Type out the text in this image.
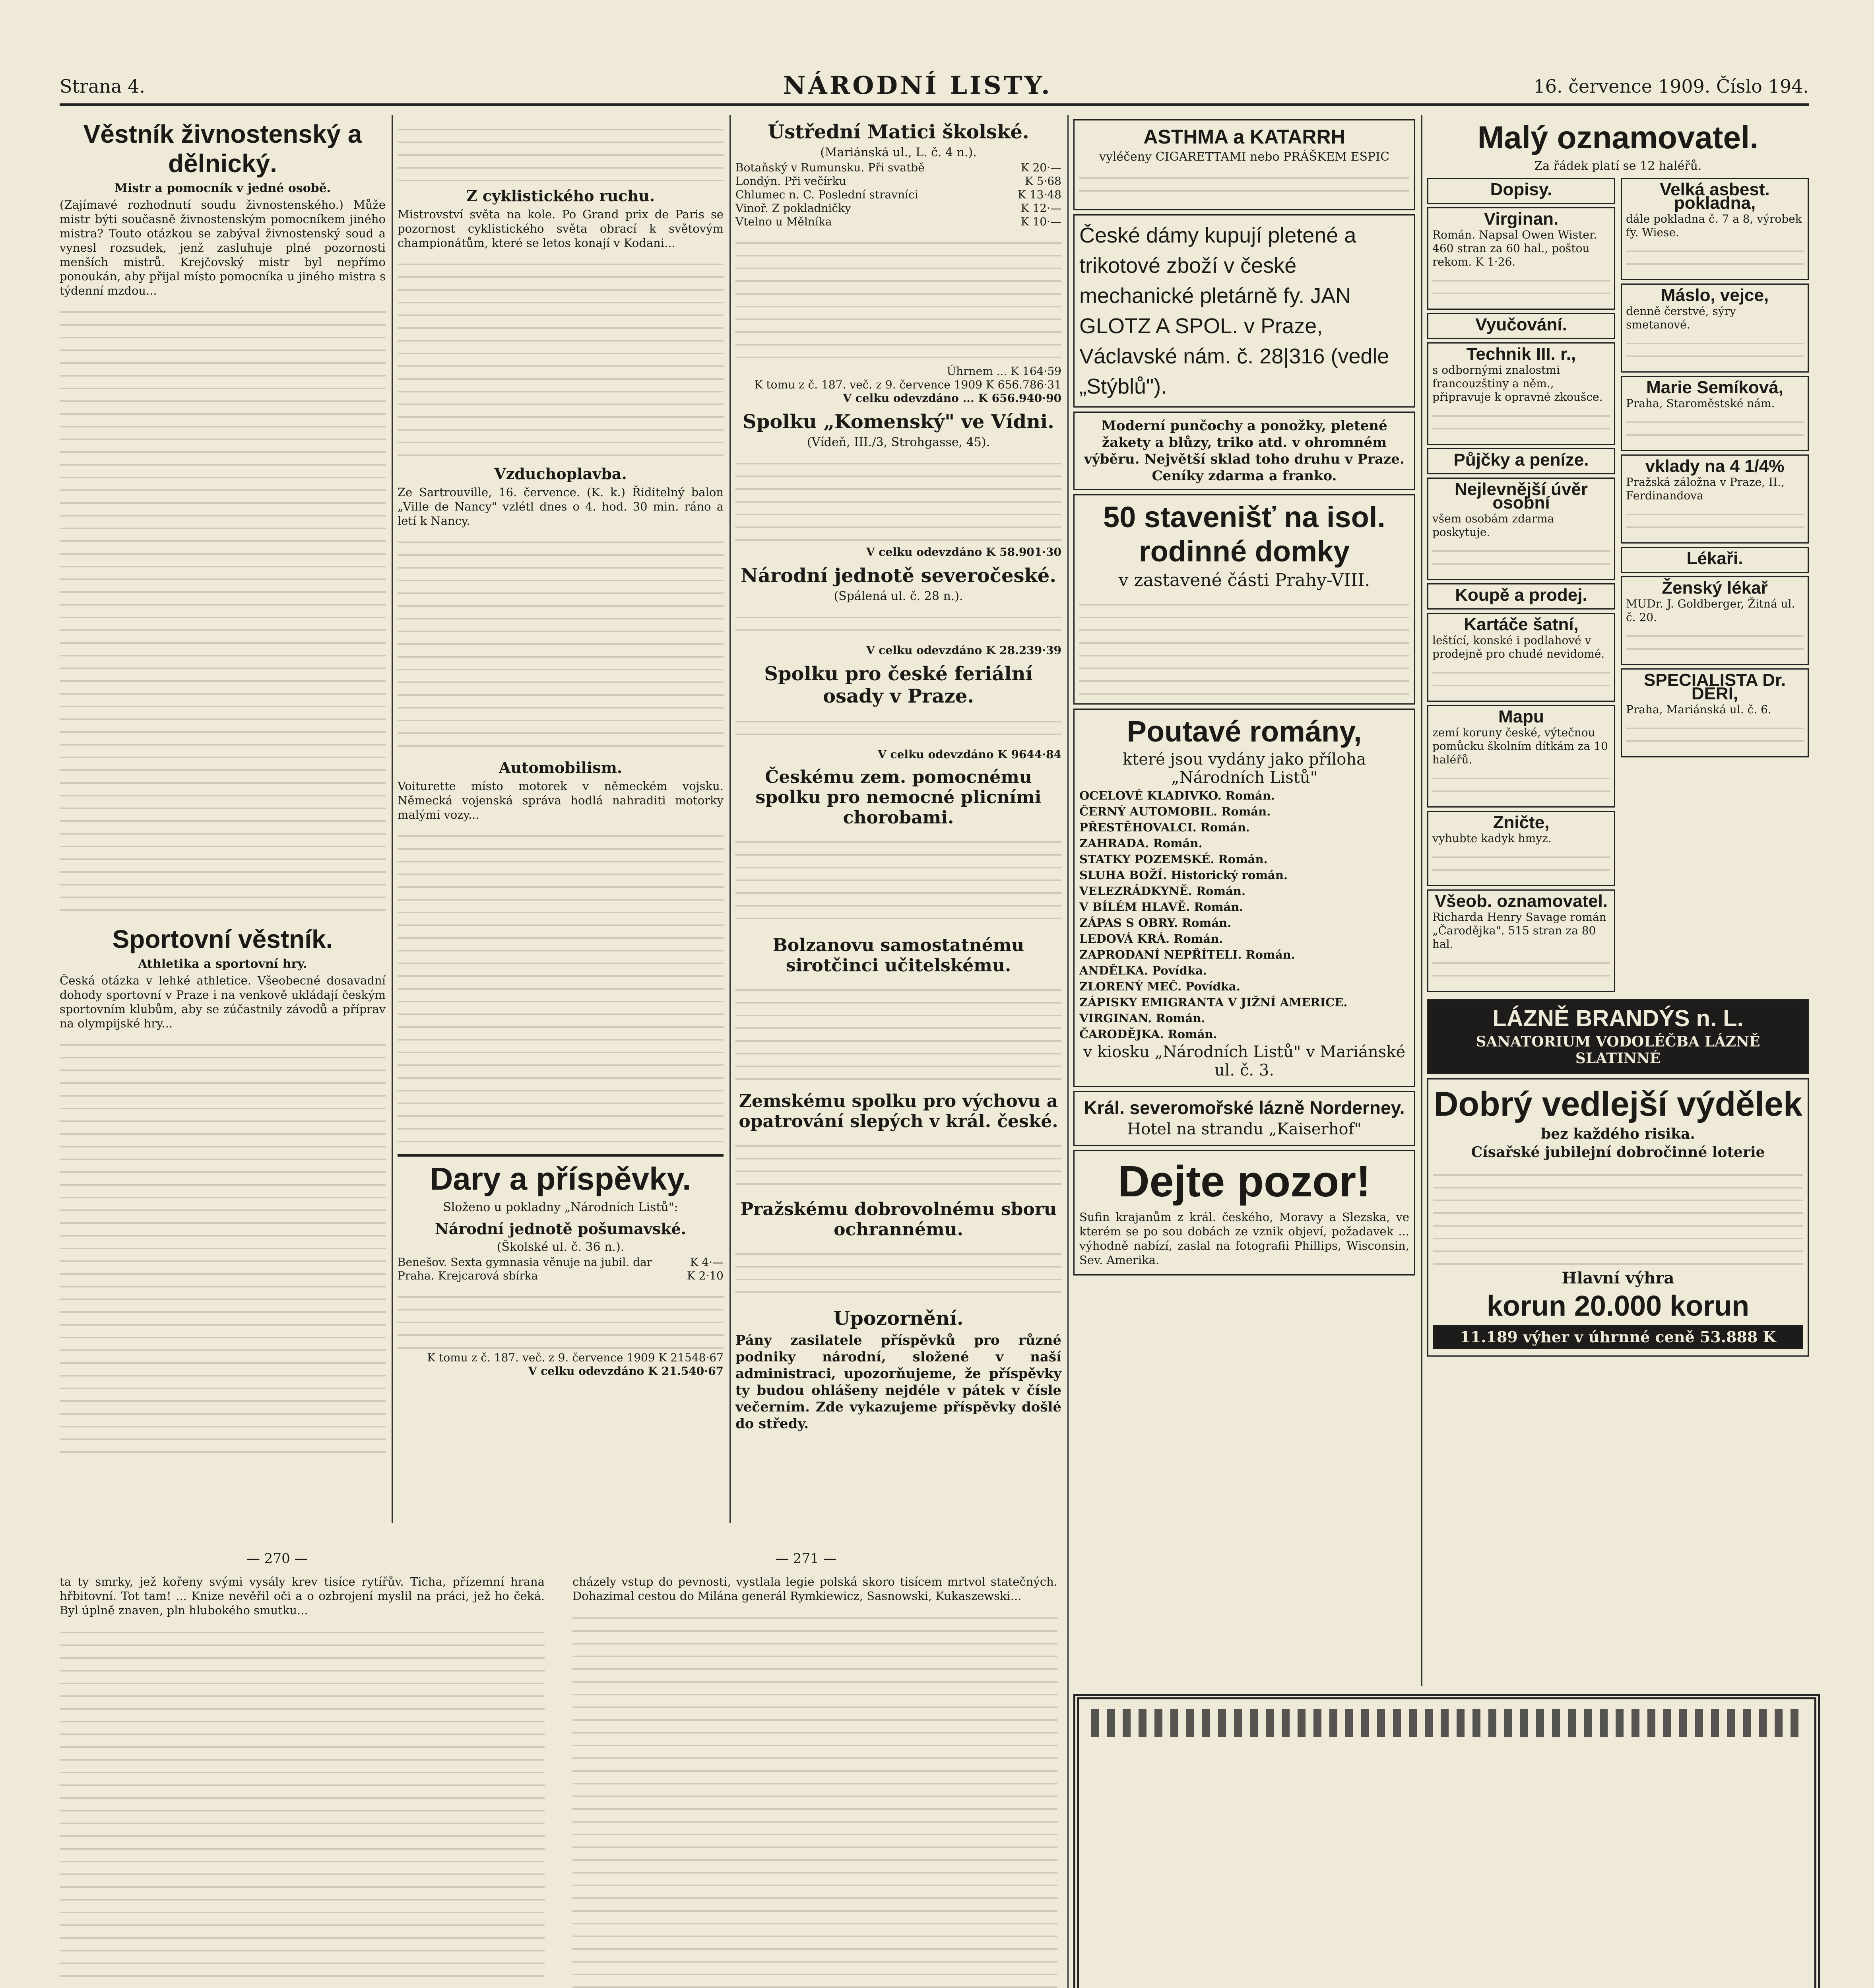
Strana 4.	NÁRODNÍ LISTY.	16. července 1909. Číslo 194.
Věstník živnostenský a dělnický.
Mistr a pomocník v jedné osobě.
(Zajímavé rozhodnutí soudu živnostenského.) Může mistr býti současně živnostenským pomocníkem jiného mistra? Touto otázkou se zabýval živnostenský soud a vynesl rozsudek, jenž zasluhuje plné pozornosti menších mistrů. Krejčovský mistr byl nepřímo ponoukán, aby přijal místo pomocníka u jiného mistra s týdenní mzdou...
Sportovní věstník.
Athletika a sportovní hry.
Česká otázka v lehké athletice. Všeobecné dosavadní dohody sportovní v Praze i na venkově ukládají českým sportovním klubům, aby se zúčastnily závodů a příprav na olympijské hry...
Z cyklistického ruchu.
Mistrovství světa na kole. Po Grand prix de Paris se pozornost cyklistického světa obrací k světovým championátům, které se letos konají v Kodani...
Vzduchoplavba.
Ze Sartrouville, 16. července. (K. k.) Řiditelný balon „Ville de Nancy" vzlétl dnes o 4. hod. 30 min. ráno a letí k Nancy.
Automobilism.
Voiturette místo motorek v německém vojsku. Německá vojenská správa hodlá nahraditi motorky malými vozy...
Dary a příspěvky.
Složeno u pokladny „Národních Listů":
Národní jednotě pošumavské.
(Školské ul. č. 36 n.).
Benešov. Sexta gymnasia věnuje na jubil. dar	K 4·—
Praha. Krejcarová sbírka	K 2·10
K tomu z č. 187. več. z 9. července 1909 K 21548·67
V celku odevzdáno K 21.540·67
Ústřední Matici školské.
(Mariánská ul., L. č. 4 n.).
Botaňský v Rumunsku. Při svatbě	K 20·—
Londýn. Při večírku	K 5·68
Chlumec n. C. Poslední stravníci	K 13·48
Vinoř. Z pokladničky	K 12·—
Vtelno u Mělníka	K 10·—
Úhrnem ... K 164·59
K tomu z č. 187. več. z 9. července 1909 K 656.786·31
V celku odevzdáno ... K 656.940·90
Spolku „Komenský" ve Vídni.
(Vídeň, III./3, Strohgasse, 45).
V celku odevzdáno K 58.901·30
Národní jednotě severočeské.
(Spálená ul. č. 28 n.).
V celku odevzdáno K 28.239·39
Spolku pro české feriální osady v Praze.
V celku odevzdáno K 9644·84
Českému zem. pomocnému spolku pro nemocné plicními chorobami.
Bolzanovu samostatnému sirotčinci učitelskému.
Zemskému spolku pro výchovu a opatrování slepých v král. české.
Pražskému dobrovolnému sboru ochrannému.
Upozornění.
Pány zasilatele příspěvků pro různé podniky národní, složené v naší administraci, upozorňujeme, že příspěvky ty budou ohlášeny nejdéle v pátek v čísle večerním. Zde vykazujeme příspěvky došlé do středy.
ASTHMA a KATARRH
vyléčeny CIGARETTAMI nebo PRÁŠKEM ESPIC
České dámy kupují pletené a trikotové zboží v české mechanické pletárně fy. JAN GLOTZ A SPOL. v Praze, Václavské nám. č. 28|316 (vedle „Stýblů").
Moderní punčochy a ponožky, pletené žakety a blůzy, triko atd. v ohromném výběru. Největší sklad toho druhu v Praze. Ceníky zdarma a franko.
50 stavenišť na isol. rodinné domky
v zastavené části Prahy-VIII.
Poutavé romány,
které jsou vydány jako příloha „Národních Listů"
OCELOVÉ KLADIVKO. Román.
ČERNÝ AUTOMOBIL. Román.
PŘESTĚHOVALCI. Román.
ZAHRADA. Román.
STATKY POZEMSKÉ. Román.
SLUHA BOŽÍ. Historický román.
VELEZRÁDKYNĚ. Román.
V BÍLÉM HLAVĚ. Román.
ZÁPAS S OBRY. Román.
LEDOVÁ KRÁ. Román.
ZAPRODANÍ NEPŘÍTELI. Román.
ANDĚLKA. Povídka.
ZLORENÝ MEČ. Povídka.
ZÁPISKY EMIGRANTA V JIŽNÍ AMERICE.
VIRGINAN. Román.
ČARODĚJKA. Román.
v kiosku „Národních Listů" v Mariánské ul. č. 3.
Král. severomořské lázně Norderney.
Hotel na strandu „Kaiserhof"
Dejte pozor!
Sufin krajanům z král. českého, Moravy a Slezska, ve kterém se po sou dobách ze vznik objeví, požadavek ... výhodně nabízí, zaslal na fotografii Phillips, Wisconsin, Sev. Amerika.
Malý oznamovatel.
Za řádek platí se 12 haléřů.
Dopisy.
Virginan.
Román. Napsal Owen Wister. 460 stran za 60 hal., poštou rekom. K 1·26.
Vyučování.
Technik III. r.,
s odbornými znalostmi francouzštiny a něm., připravuje k opravné zkoušce.
Půjčky a peníze.
Nejlevnější úvěr osobní
všem osobám zdarma poskytuje.
Koupě a prodej.
Kartáče šatní,
leštící, konské i podlahové v prodejně pro chudé nevidomé.
Mapu
zemí koruny české, výtečnou pomůcku školním dítkám za 10 haléřů.
Zničte,
vyhubte kadyk hmyz.
Všeob. oznamovatel.
Richarda Henry Savage román „Čarodějka". 515 stran za 80 hal.
Velká asbest. pokladna,
dále pokladna č. 7 a 8, výrobek fy. Wiese.
Máslo, vejce,
denně čerstvé, sýry smetanové.
Marie Semíková,
Praha, Staroměstské nám.
vklady na 4 1/4%
Pražská záložna v Praze, II., Ferdinandova
Lékaři.
Ženský lékař
MUDr. J. Goldberger, Žitná ul. č. 20.
SPECIALISTA Dr. DÉRI,
Praha, Mariánská ul. č. 6.
LÁZNĚ BRANDÝS n. L.
SANATORIUM VODOLÉČBA LÁZNĚ SLATINNÉ
Dobrý vedlejší výdělek
bez každého risika.
Císařské jubilejní dobročinné loterie
Hlavní výhra
korun 20.000 korun
11.189 výher v úhrnné ceně 53.888 K
— 270 —	— 271 —
ta ty smrky, jež kořeny svými vysály krev tisíce rytířův. Ticha, přízemní hrana hřbitovní. Tot tam! ... Knize nevěřil oči a o ozbrojení myslil na práci, jež ho čeká. Byl úplně znaven, pln hlubokého smutku...
cházely vstup do pevnosti, vystlala legie polská skoro tisícem mrtvol statečných. Dohazimal cestou do Milána generál Rymkiewicz, Sasnowski, Kukaszewski...
